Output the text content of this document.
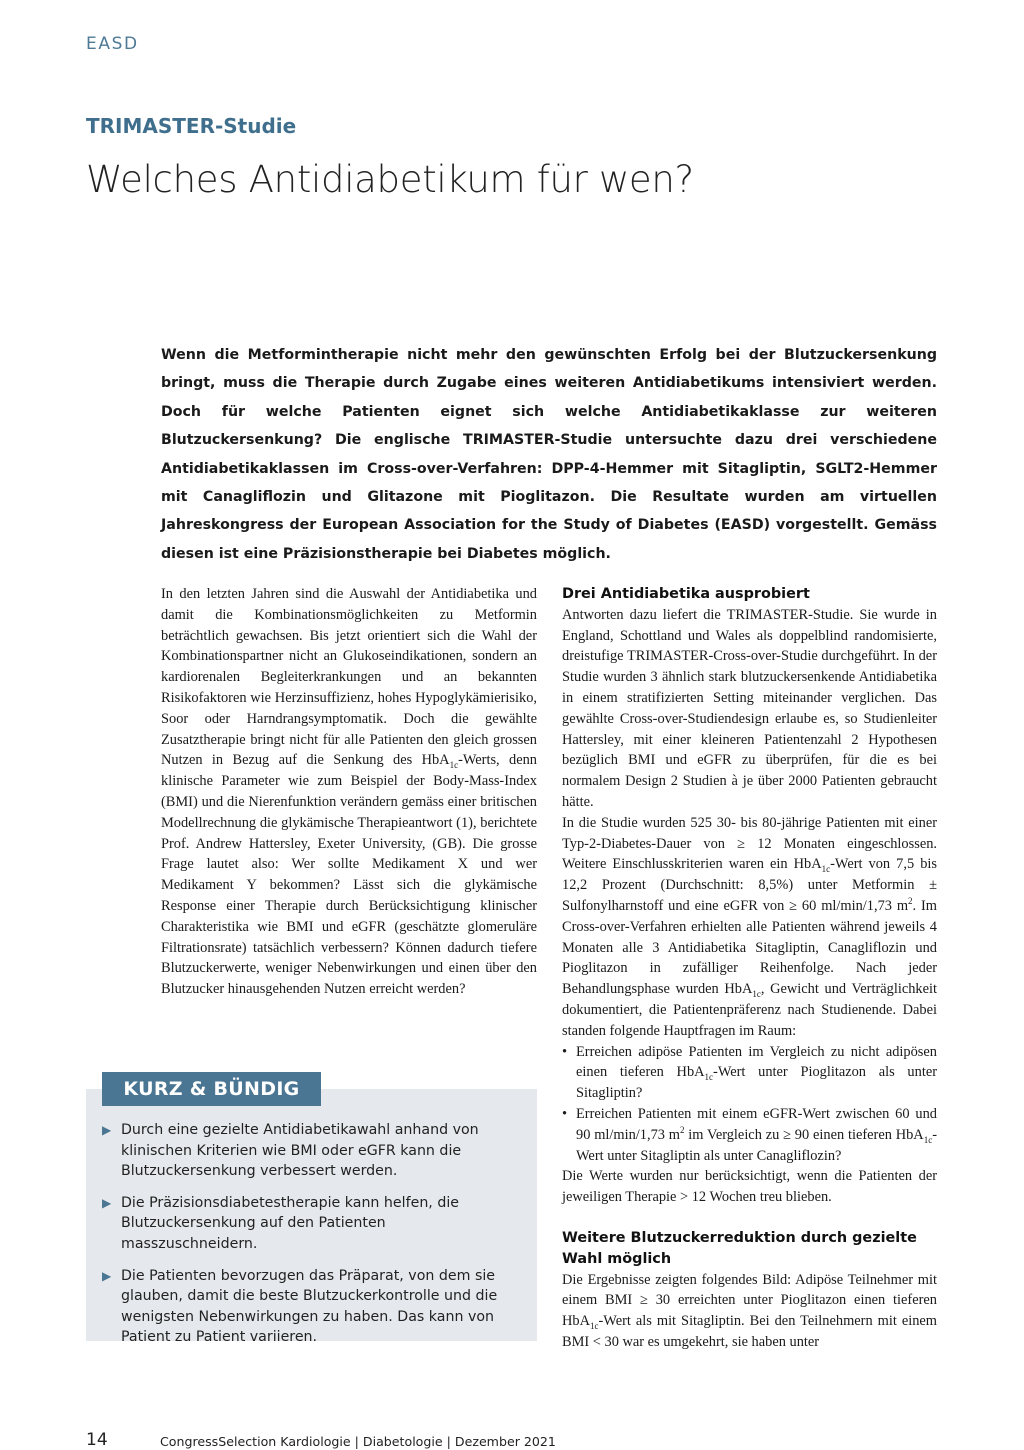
EASD
TRIMASTER-Studie
Welches Antidiabetikum für wen?

Wenn die Metformintherapie nicht mehr den gewünschten Erfolg bei der Blutzuckersenkung bringt, muss die Therapie durch Zugabe eines weiteren Antidiabetikums intensiviert werden. Doch für welche Patienten eignet sich welche Antidiabetikaklasse zur weiteren Blutzuckersenkung? Die englische TRIMASTER-Studie untersuchte dazu drei verschiedene Antidiabetikaklassen im Cross-over-Verfahren: DPP-4-Hemmer mit Sitagliptin, SGLT2-Hemmer mit Canagliflozin und Glitazone mit Pioglitazon. Die Resultate wurden am virtuellen Jahreskongress der European Association for the Study of Diabetes (EASD) vorgestellt. Gemäss diesen ist eine Präzisionstherapie bei Diabetes möglich.

In den letzten Jahren sind die Auswahl der Antidiabetika und damit die Kombinationsmöglichkeiten zu Metformin beträchtlich gewachsen. Bis jetzt orientiert sich die Wahl der Kombinationspartner nicht an Glukoseindikationen, sondern an kardiorenalen Begleiterkrankungen und an bekannten Risikofaktoren wie Herzinsuffizienz, hohes Hypoglykämierisiko, Soor oder Harndrangsymptomatik. Doch die gewählte Zusatztherapie bringt nicht für alle Patienten den gleich grossen Nutzen in Bezug auf die Senkung des HbA$_{1c}$-Werts, denn klinische Parameter wie zum Beispiel der Body-Mass-Index (BMI) und die Nierenfunktion verändern gemäss einer britischen Modellrechnung die glykämische Therapieantwort (1), berichtete Prof. Andrew Hattersley, Exeter University, (GB). Die grosse Frage lautet also: Wer sollte Medikament X und wer Medikament Y bekommen? Lässt sich die glykämische Response einer Therapie durch Berücksichtigung klinischer Charakteristika wie BMI und eGFR (geschätzte glomeruläre Filtrationsrate) tatsächlich verbessern? Können dadurch tiefere Blutzuckerwerte, weniger Nebenwirkungen und einen über den Blutzucker hinausgehenden Nutzen erreicht werden?

KURZ & BÜNDIG
▶ Durch eine gezielte Antidiabetikawahl anhand von klinischen Kriterien wie BMI oder eGFR kann die Blutzuckersenkung verbessert werden.
▶ Die Präzisionsdiabetestherapie kann helfen, die Blutzuckersenkung auf den Patienten masszuschneidern.
▶ Die Patienten bevorzugen das Präparat, von dem sie glauben, damit die beste Blutzuckerkontrolle und die wenigsten Nebenwirkungen zu haben. Das kann von Patient zu Patient variieren.
Drei Antidiabetika ausprobiert

Antworten dazu liefert die TRIMASTER-Studie. Sie wurde in England, Schottland und Wales als doppelblind randomisierte, dreistufige TRIMASTER-Cross-over-Studie durchgeführt. In der Studie wurden 3 ähnlich stark blutzuckersenkende Antidiabetika in einem stratifizierten Setting miteinander verglichen. Das gewählte Cross-over-Studiendesign erlaube es, so Studienleiter Hattersley, mit einer kleineren Patientenzahl 2 Hypothesen bezüglich BMI und eGFR zu überprüfen, für die es bei normalem Design 2 Studien à je über 2000 Patienten gebraucht hätte.

In die Studie wurden 525 30- bis 80-jährige Patienten mit einer Typ-2-Diabetes-Dauer von ≥ 12 Monaten eingeschlossen. Weitere Einschlusskriterien waren ein HbA$_{1c}$-Wert von 7,5 bis 12,2 Prozent (Durchschnitt: 8,5%) unter Metformin ± Sulfonylharnstoff und eine eGFR von ≥ 60 ml/min/1,73 $m^2$. Im Cross-over-Verfahren erhielten alle Patienten während jeweils 4 Monaten alle 3 Antidiabetika Sitagliptin, Canagliflozin und Pioglitazon in zufälliger Reihenfolge. Nach jeder Behandlungsphase wurden HbA$_{1c}$, Gewicht und Verträglichkeit dokumentiert, die Patientenpräferenz nach Studienende. Dabei standen folgende Hauptfragen im Raum:

• Erreichen adipöse Patienten im Vergleich zu nicht adipösen einen tieferen HbA$_{1c}$-Wert unter Pioglitazon als unter Sitagliptin?
• Erreichen Patienten mit einem eGFR-Wert zwischen 60 und 90 ml/min/1,73 $m^2$ im Vergleich zu ≥ 90 einen tieferen HbA$_{1c}$-Wert unter Sitagliptin als unter Canagliflozin?

Die Werte wurden nur berücksichtigt, wenn die Patienten der jeweiligen Therapie > 12 Wochen treu blieben.

Weitere Blutzuckerreduktion durch gezielte Wahl möglich

Die Ergebnisse zeigten folgendes Bild: Adipöse Teilnehmer mit einem BMI ≥ 30 erreichten unter Pioglitazon einen tieferen HbA$_{1c}$-Wert als mit Sitagliptin. Bei den Teilnehmern mit einem BMI < 30 war es umgekehrt, sie haben unter

14	CongressSelection Kardiologie | Diabetologie | Dezember 2021
